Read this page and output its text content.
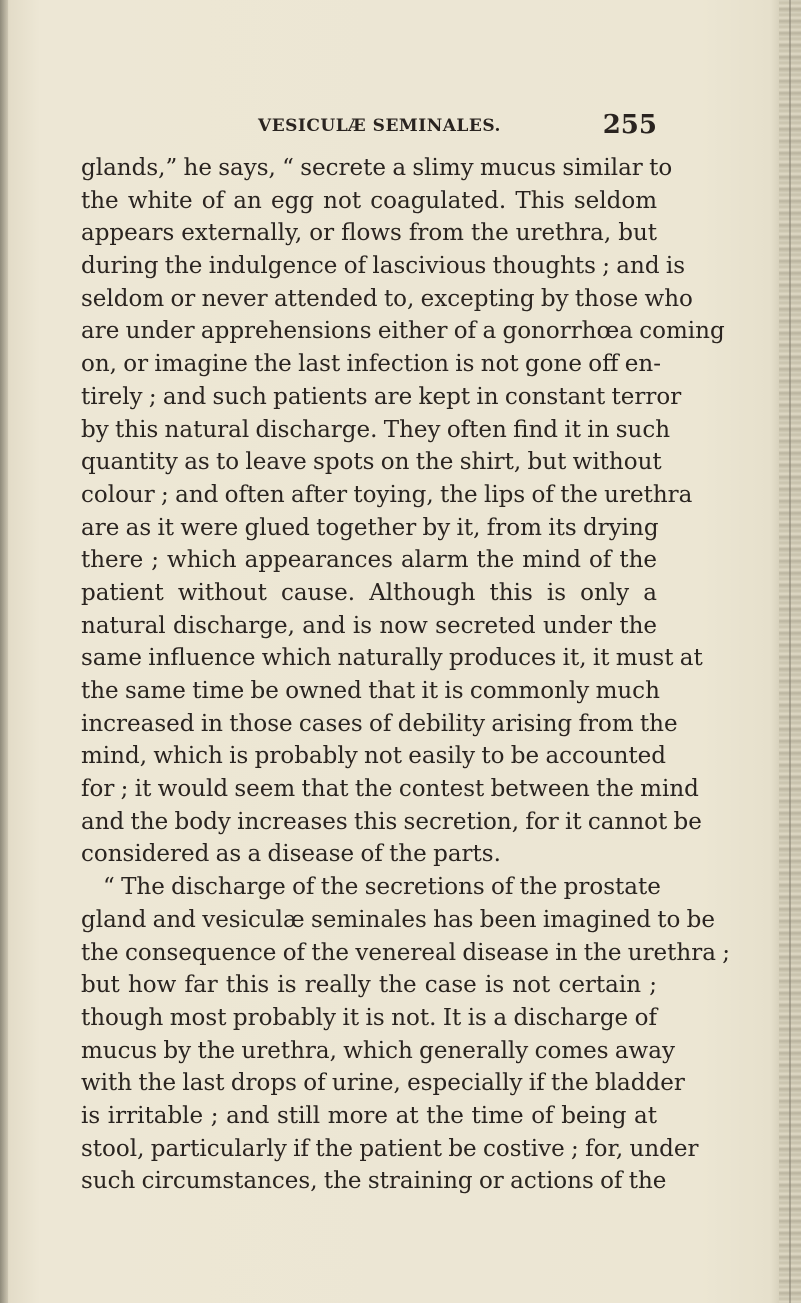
VESICULÆ SEMINALES.	255
glands,” he says, “ secrete a slimy mucus similar to
the white of an egg not coagulated. This seldom
appears externally, or flows from the urethra, but
during the indulgence of lascivious thoughts ; and is
seldom or never attended to, excepting by those who
are under apprehensions either of a gonorrhœa coming
on, or imagine the last infection is not gone off en-
tirely ; and such patients are kept in constant terror
by this natural discharge. They often find it in such
quantity as to leave spots on the shirt, but without
colour ; and often after toying, the lips of the urethra
are as it were glued together by it, from its drying
there ; which appearances alarm the mind of the
patient without cause. Although this is only a
natural discharge, and is now secreted under the
same influence which naturally produces it, it must at
the same time be owned that it is commonly much
increased in those cases of debility arising from the
mind, which is probably not easily to be accounted
for ; it would seem that the contest between the mind
and the body increases this secretion, for it cannot be
considered as a disease of the parts.
“ The discharge of the secretions of the prostate
gland and vesiculæ seminales has been imagined to be
the consequence of the venereal disease in the urethra ;
but how far this is really the case is not certain ;
though most probably it is not. It is a discharge of
mucus by the urethra, which generally comes away
with the last drops of urine, especially if the bladder
is irritable ; and still more at the time of being at
stool, particularly if the patient be costive ; for, under
such circumstances, the straining or actions of the
